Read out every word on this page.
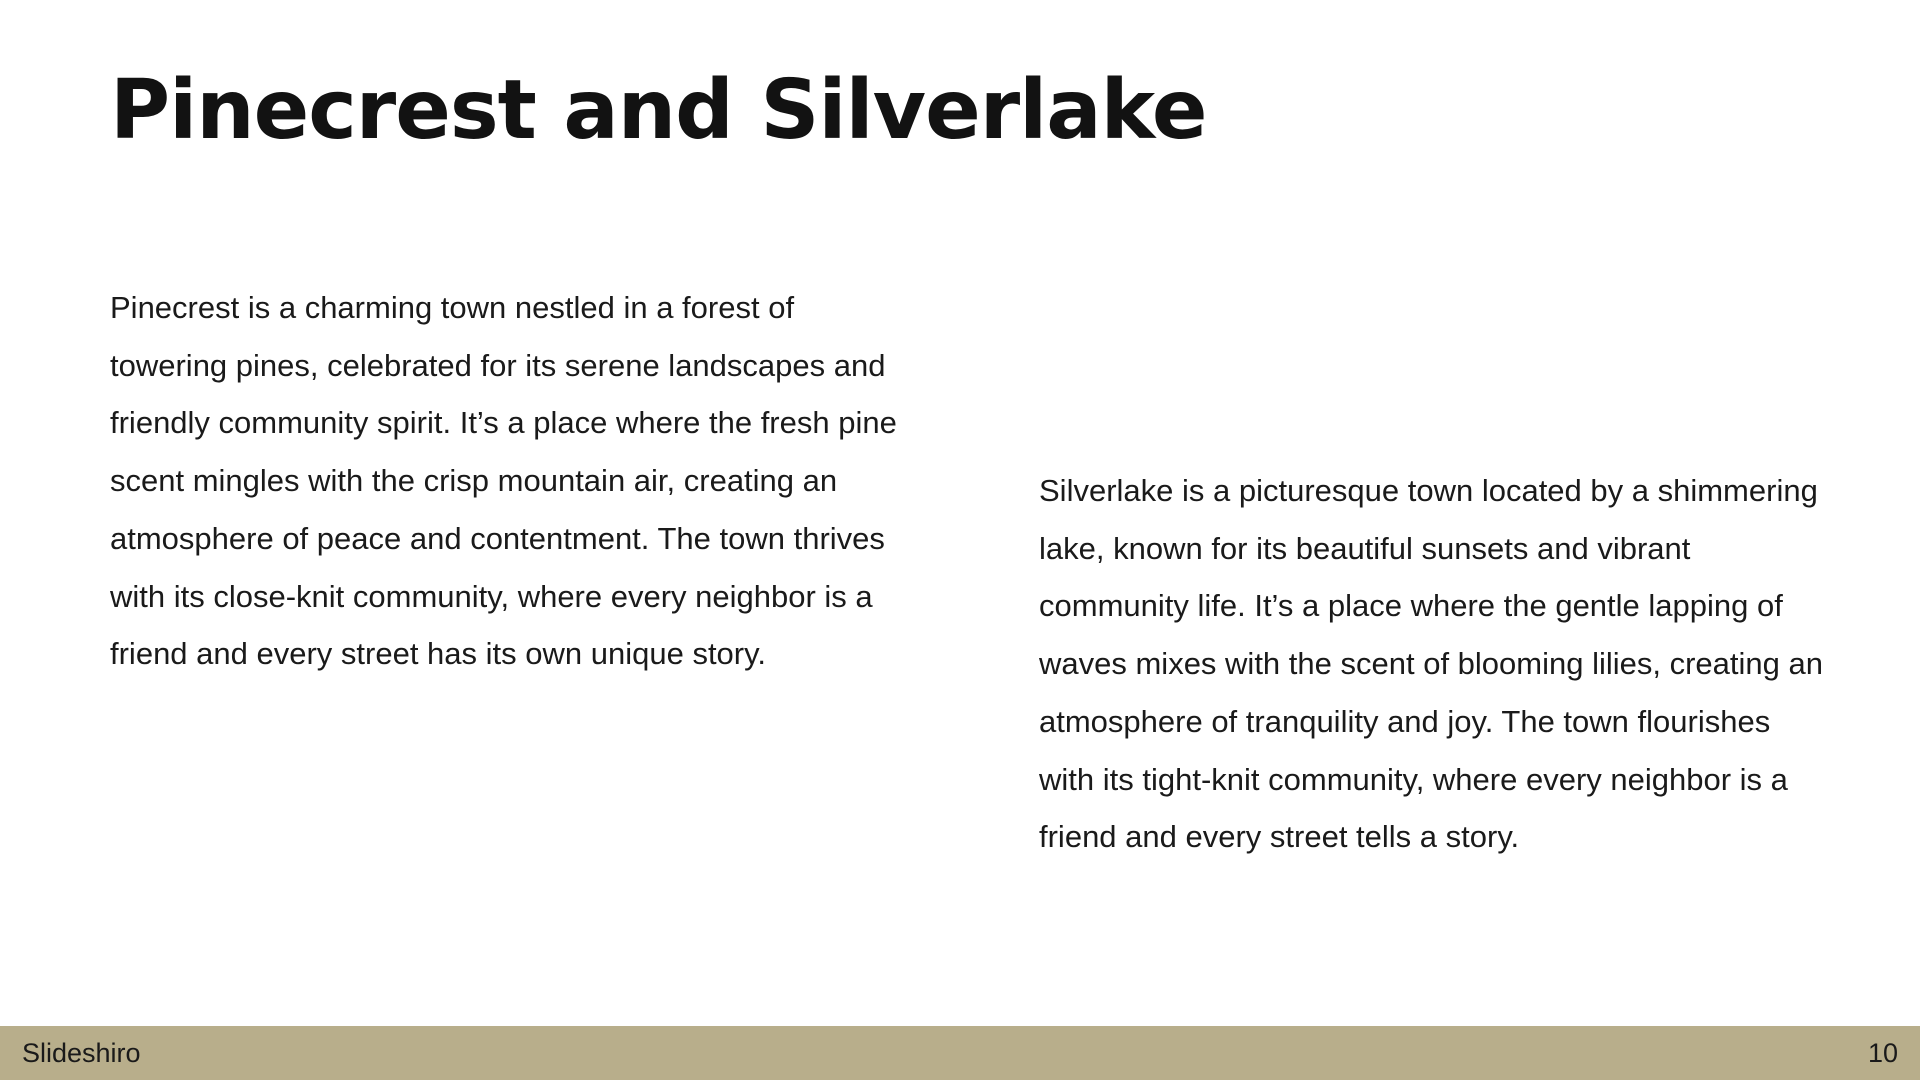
Pinecrest and Silverlake

Pinecrest is a charming town nestled in a forest of towering pines, celebrated for its serene landscapes and friendly community spirit. It’s a place where the fresh pine scent mingles with the crisp mountain air, creating an atmosphere of peace and contentment. The town thrives with its close-knit community, where every neighbor is a friend and every street has its own unique story.

Silverlake is a picturesque town located by a shimmering lake, known for its beautiful sunsets and vibrant community life. It’s a place where the gentle lapping of waves mixes with the scent of blooming lilies, creating an atmosphere of tranquility and joy. The town flourishes with its tight-knit community, where every neighbor is a friend and every street tells a story.

Slideshiro	10
